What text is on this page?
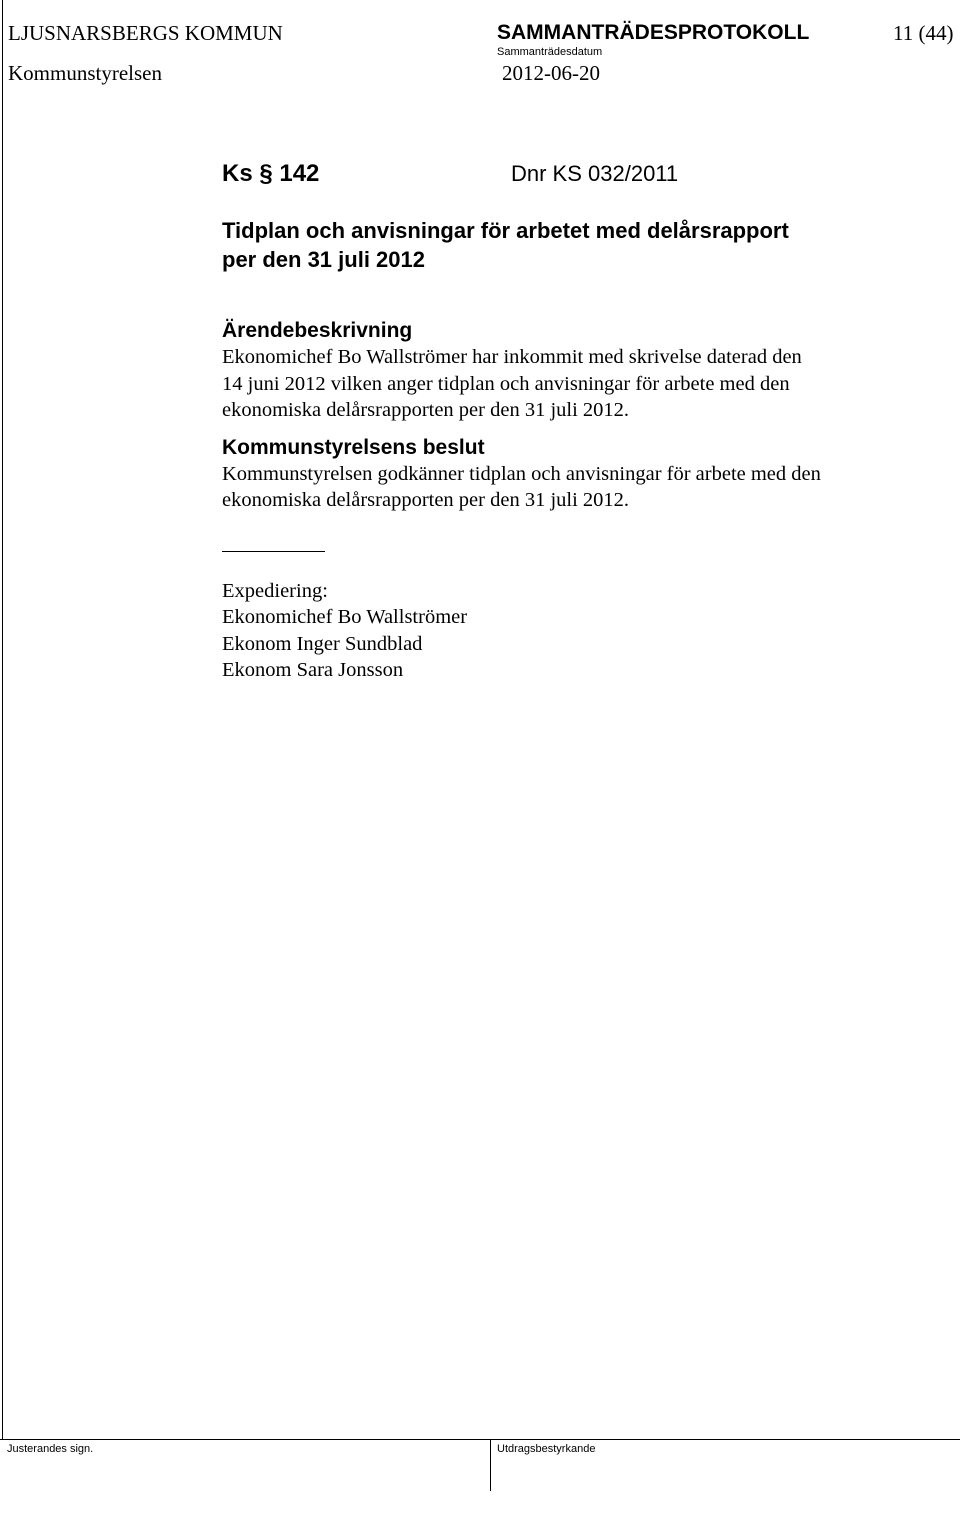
LJUSNARSBERGS KOMMUN	SAMMANTRÄDESPROTOKOLL	11 (44)
Sammanträdesdatum
Kommunstyrelsen	2012-06-20
Ks § 142	Dnr KS 032/2011
Tidplan och anvisningar för arbetet med delårsrapport
per den 31 juli 2012
Ärendebeskrivning
Ekonomichef Bo Wallströmer har inkommit med skrivelse daterad den
14 juni 2012 vilken anger tidplan och anvisningar för arbete med den
ekonomiska delårsrapporten per den 31 juli 2012.
Kommunstyrelsens beslut
Kommunstyrelsen godkänner tidplan och anvisningar för arbete med den
ekonomiska delårsrapporten per den 31 juli 2012.
Expediering:
Ekonomichef Bo Wallströmer
Ekonom Inger Sundblad
Ekonom Sara Jonsson
Justerandes sign.	Utdragsbestyrkande
